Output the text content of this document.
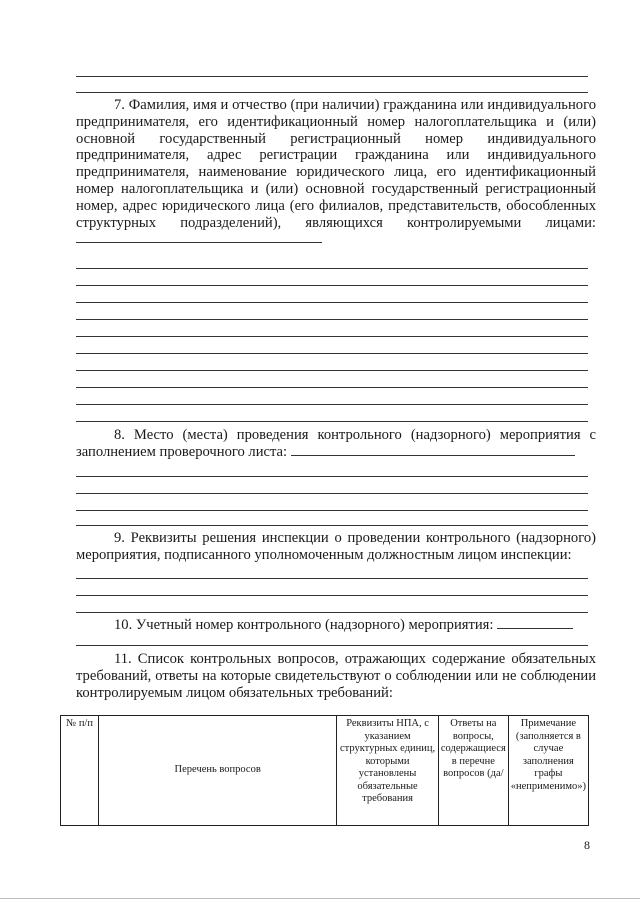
7. Фамилия, имя и отчество (при наличии) гражданина или индивидуального предпринимателя, его идентификационный номер налогоплательщика и (или) основной государственный регистрационный номер индивидуального предпринимателя, адрес регистрации гражданина или индивидуального предпринимателя, наименование юридического лица, его идентификационный номер налогоплательщика и (или) основной государственный регистрационный номер, адрес юридического лица (его филиалов, представительств, обособленных структурных подразделений), являющихся контролируемыми лицами:

8. Место (места) проведения контрольного (надзорного) мероприятия с заполнением проверочного листа:

9. Реквизиты решения инспекции о проведении контрольного (надзорного) мероприятия, подписанного уполномоченным должностным лицом инспекции:

10. Учетный номер контрольного (надзорного) мероприятия:

11. Список контрольных вопросов, отражающих содержание обязательных требований, ответы на которые свидетельствуют о соблюдении или не соблюдении контролируемым лицом обязательных требований:

№ п/п	Перечень вопросов	Реквизиты НПА, с указанием структурных единиц, которыми установлены обязательные требования	Ответы на вопросы, содержащиеся в перечне вопросов (да/	Примечание (заполняется в случае заполнения графы «неприменимо»)
8
